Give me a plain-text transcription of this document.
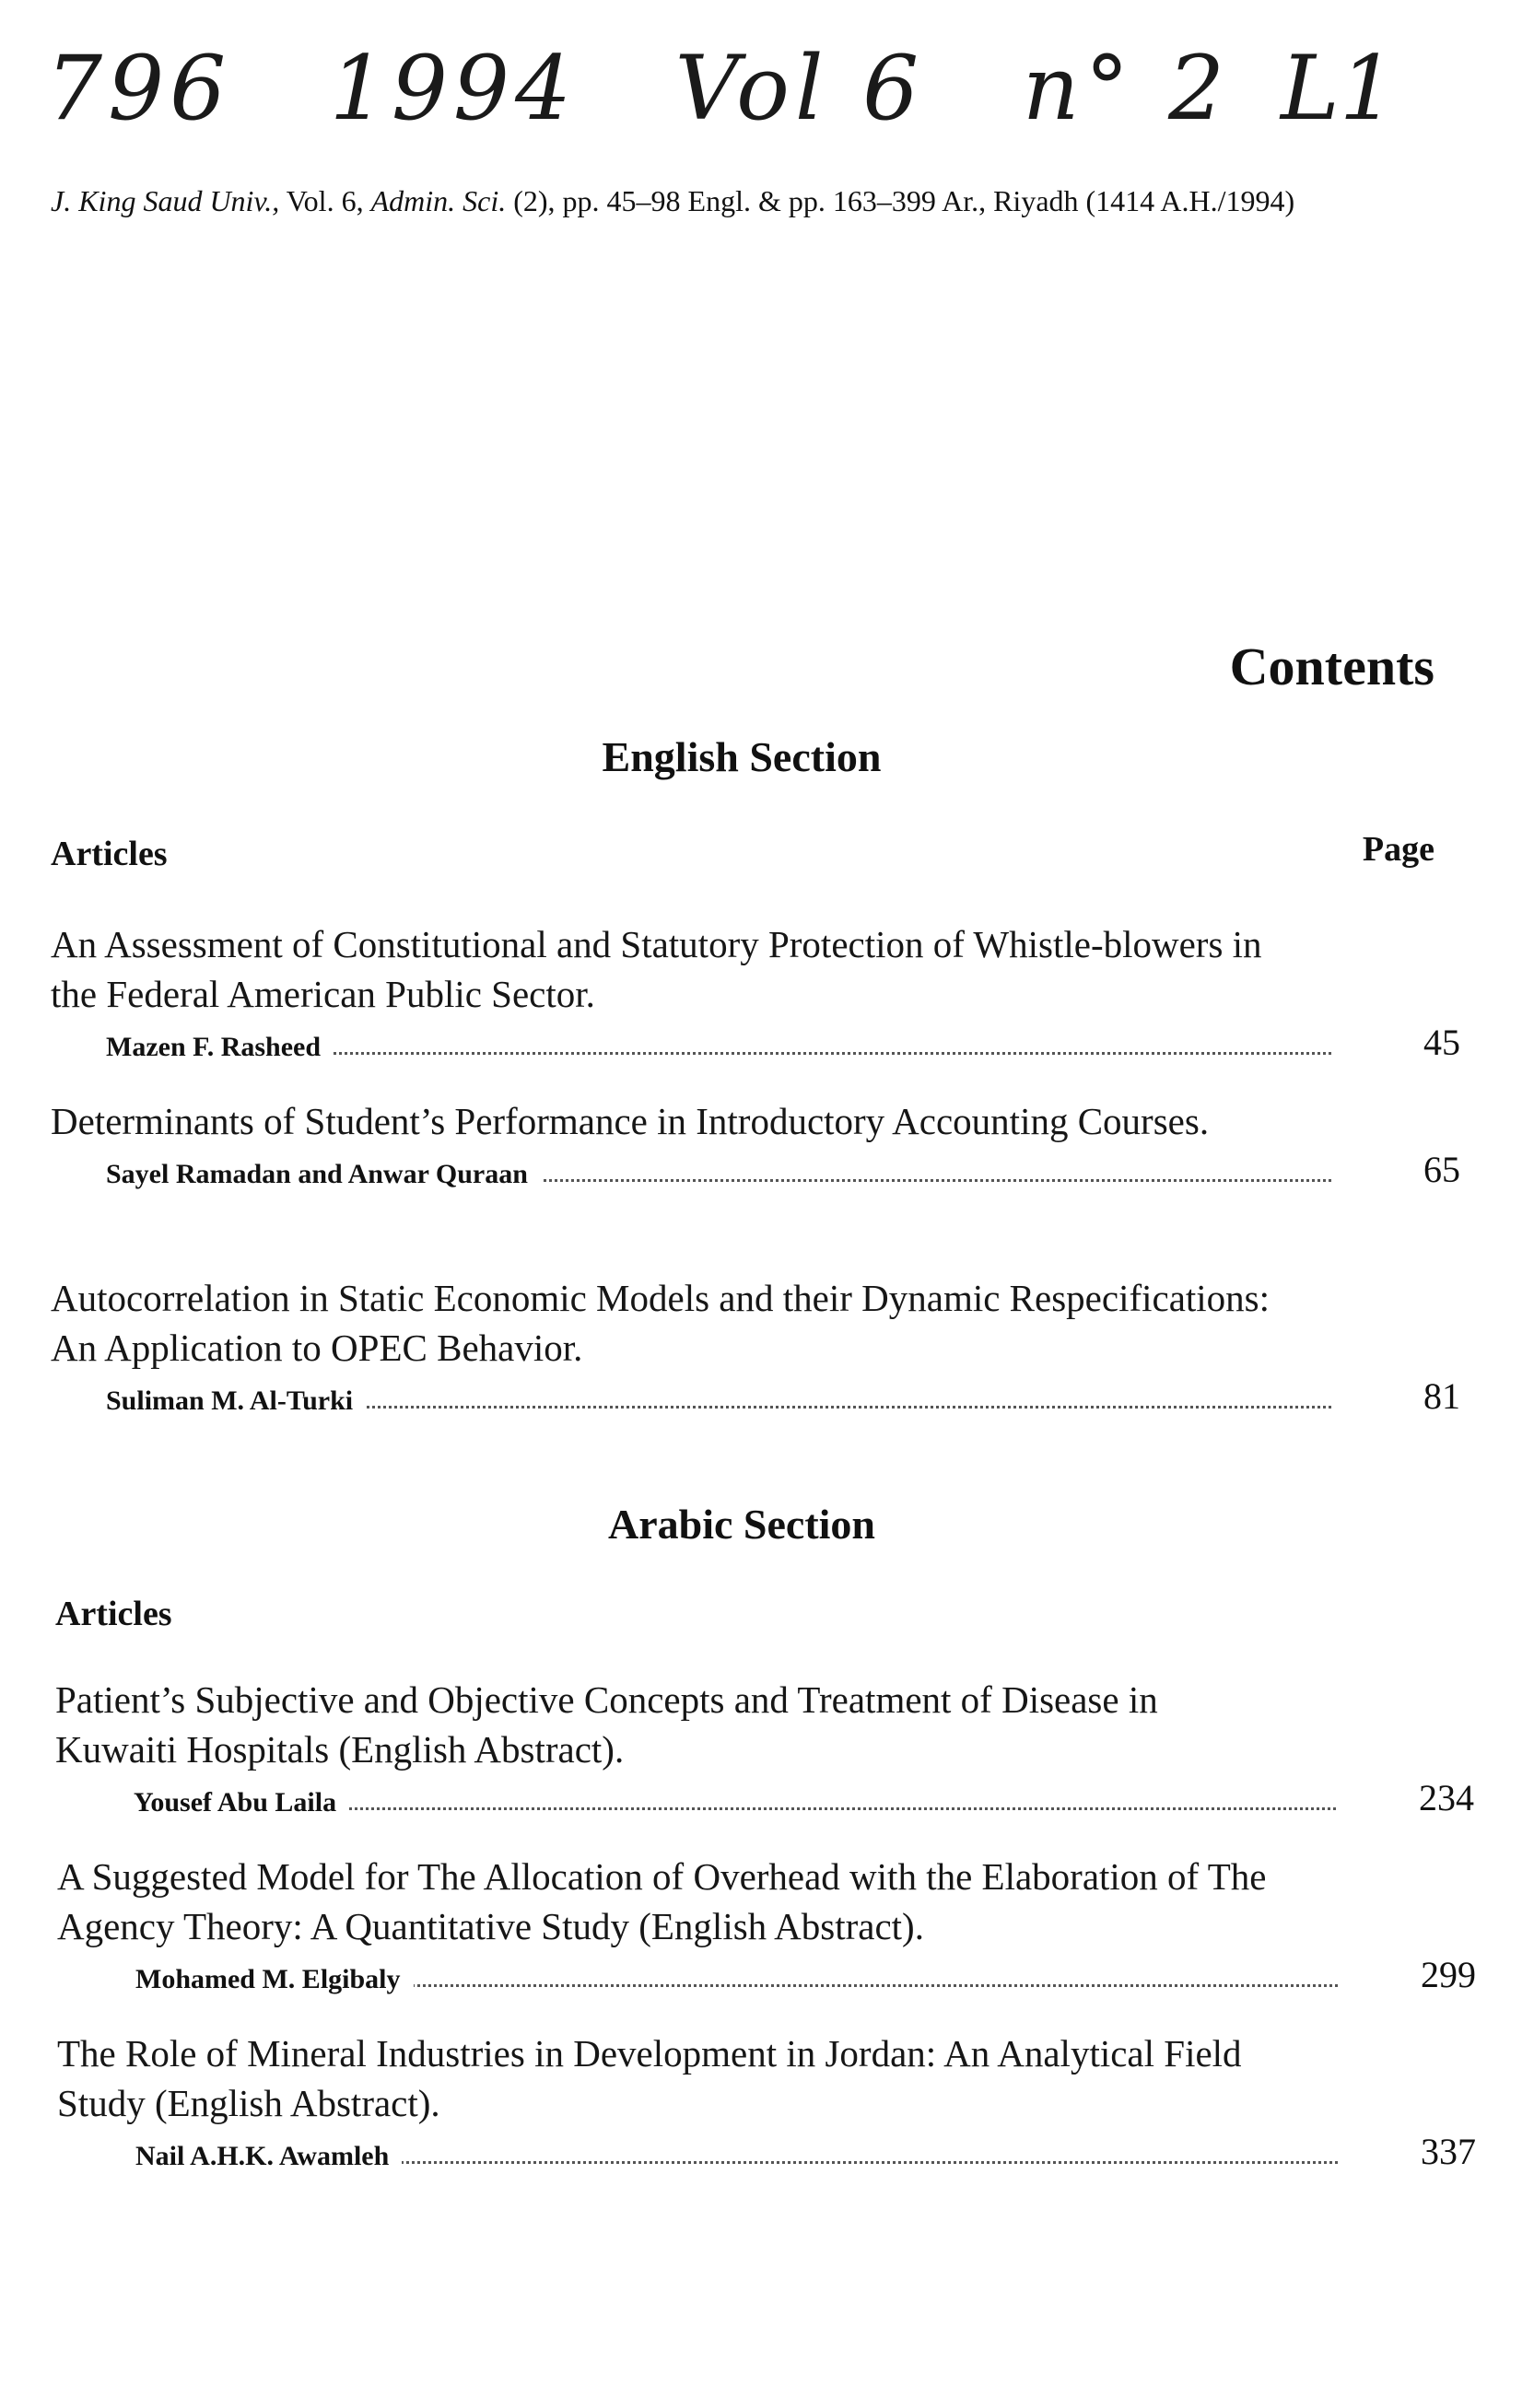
796 1994 Vol 6 n° 2 L1
J. King Saud Univ., Vol. 6, Admin. Sci. (2), pp. 45–98 Engl. & pp. 163–399 Ar., Riyadh (1414 A.H./1994)
Contents
English Section
Articles	Page
An Assessment of Constitutional and Statutory Protection of Whistle-blowers in the Federal American Public Sector.
Mazen F. Rasheed	45
Determinants of Student’s Performance in Introductory Accounting Courses.
Sayel Ramadan and Anwar Quraan	65
Autocorrelation in Static Economic Models and their Dynamic Respecifications: An Application to OPEC Behavior.
Suliman M. Al-Turki	81
Arabic Section
Articles
Patient’s Subjective and Objective Concepts and Treatment of Disease in Kuwaiti Hospitals (English Abstract).
Yousef Abu Laila	234
A Suggested Model for The Allocation of Overhead with the Elaboration of The Agency Theory: A Quantitative Study (English Abstract).
Mohamed M. Elgibaly	299
The Role of Mineral Industries in Development in Jordan: An Analytical Field Study (English Abstract).
Nail A.H.K. Awamleh	337
